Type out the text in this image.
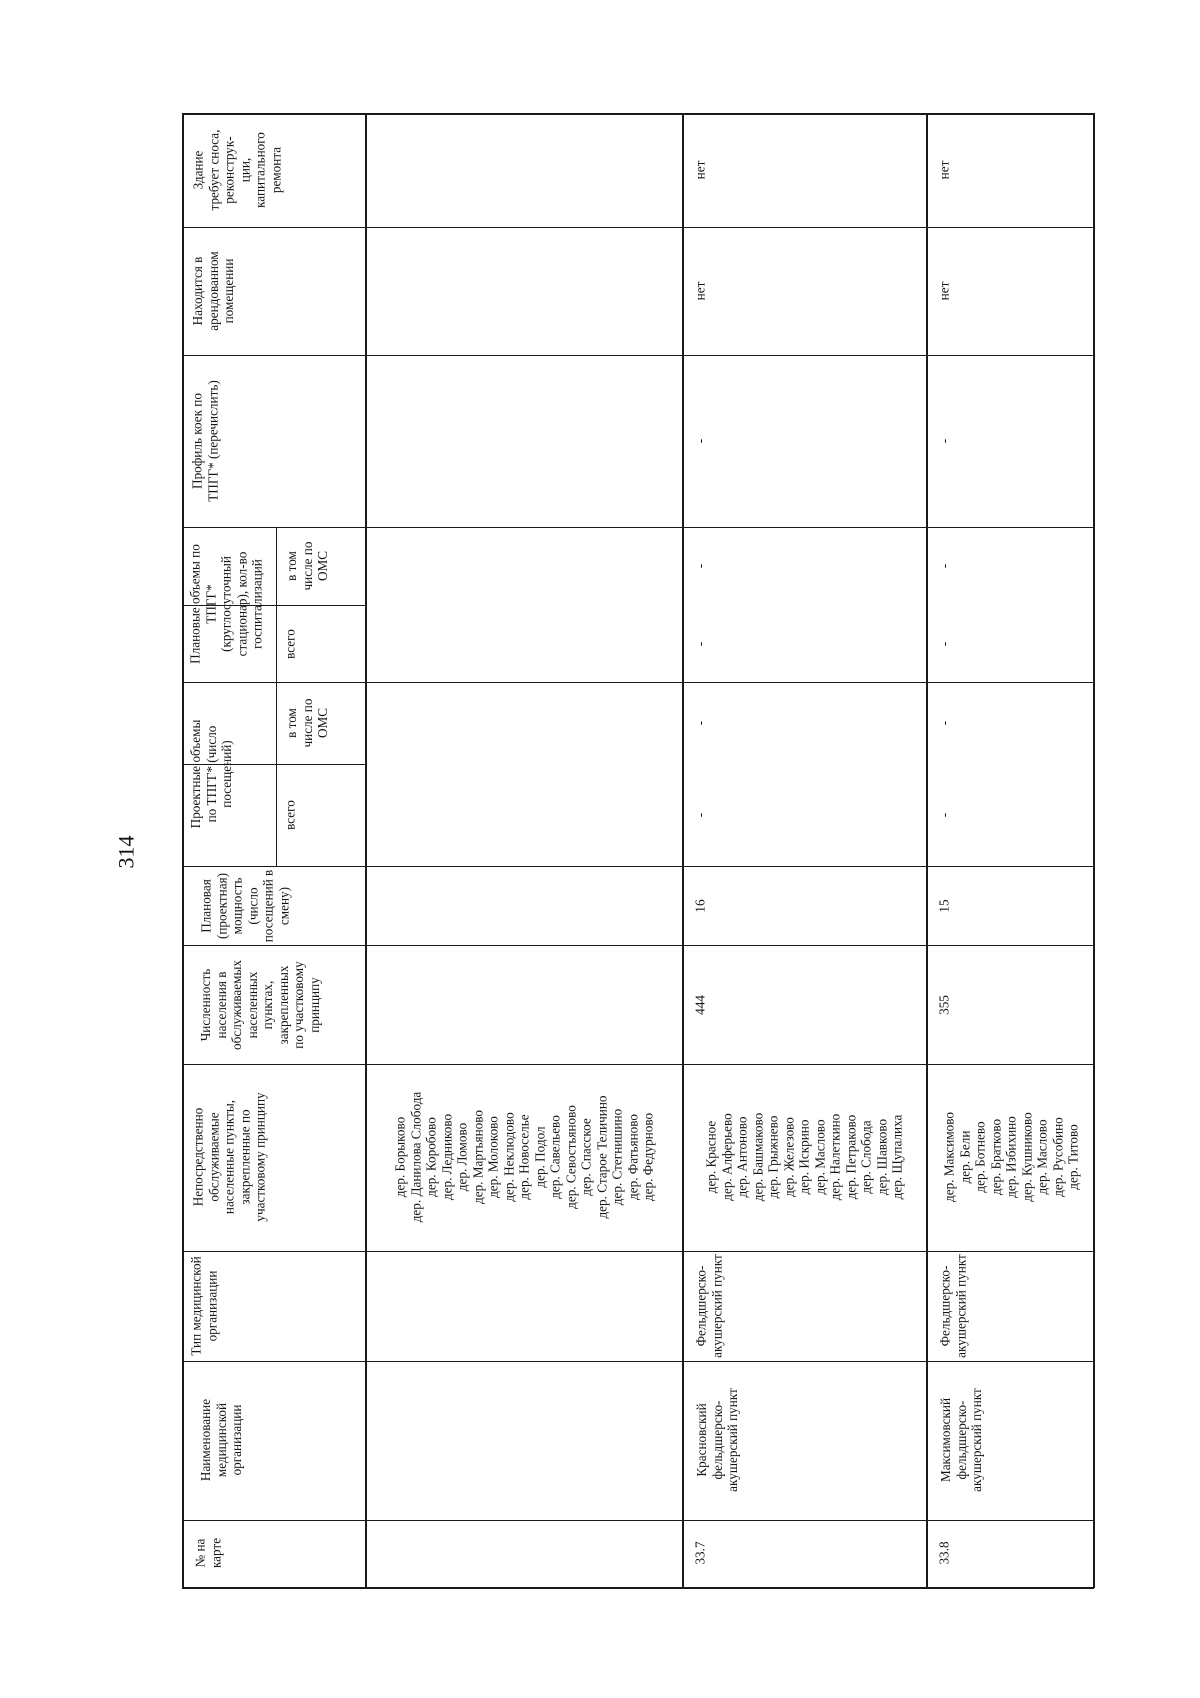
314
№ на
карте
Наименование
медицинской
организации
Тип медицинской
организации
Непосредственно
обслуживаемые
населенные пункты,
закрепленные по
участковому принципу
Численность
населения в
обслуживаемых
населенных
пунктах,
закрепленных
по участковому
принципу
Плановая
(проектная)
мощность
(число
посещений в
смену)
Проектные объемы
по ТПГГ* (число
посещений)
всего
в том
числе по
ОМС
Плановые объемы по
ТПГГ*
(круглосуточный
стационар), кол-во
госпитализаций всего
в том
числе по
ОМС
Профиль коек по
ТПГГ* (перечислить)
Находится в
арендованном
помещении
Здание
требует сноса,
реконструк-
ции,
капитального
ремонта
дер. Борыково
дер. Данилова Слобода
дер. Коробово
дер. Ледниково
дер. Ломово
дер. Мартьяново
дер. Молоково
дер. Неклюдово
дер. Новоселье
дер. Подол
дер. Савельево
дер. Севостьяново
дер. Спасское
дер. Старое Теличино
дер. Стегнишино
дер. Фатьяново
дер. Федурново
33.7
Красновский
фельдшерско-
акушерский пункт
Фельдшерско-
акушерский пункт
дер. Красное
дер. Алферьево
дер. Антоново
дер. Башмаково
дер. Грыжнево
дер. Железово
дер. Искрино
дер. Маслово
дер. Налеткино
дер. Петраково
дер. Слобода
дер. Шавково
дер. Щупалиха
444
16
-
-
-
-
-
нет
нет
33.8
Максимовский
фельдшерско-
акушерский пункт
Фельдшерско-
акушерский пункт
дер. Максимово
дер. Бели
дер. Ботнево
дер. Братково
дер. Избихино
дер. Кушниково
дер. Маслово
дер. Русобино
дер. Титово
355
15
-
-
-
-
-
нет
нет
